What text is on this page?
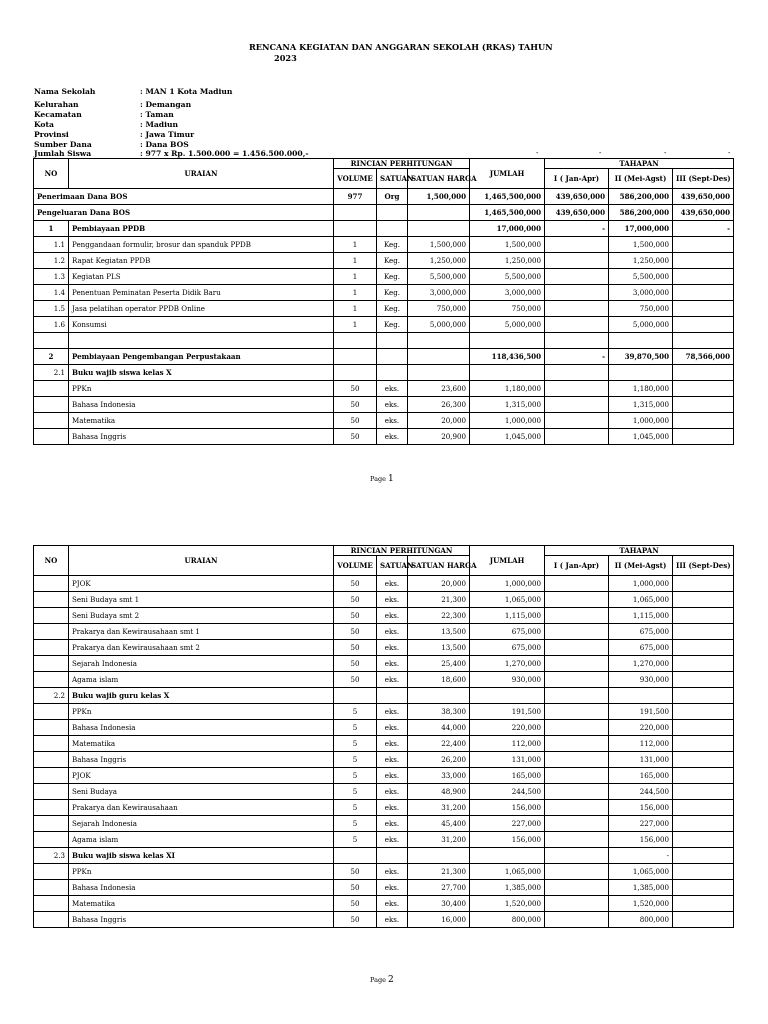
RENCANA KEGIATAN DAN ANGGARAN SEKOLAH (RKAS) TAHUN
2023
Nama Sekolah	: MAN 1 Kota Madiun
Kelurahan	: Demangan
Kecamatan	: Taman
Kota	: Madiun
Provinsi	: Jawa Timur
Sumber Dana	: Dana BOS
Jumlah Siswa	: 977 x Rp. 1.500.000 = 1.456.500.000,-	-	-	-	-
NO	URAIAN	RINCIAN PERHITUNGAN			JUMLAH	TAHAPAN		
		VOLUME	SATUAN	SATUAN HARGA		I ( Jan-Apr)	II (Mei-Agst)	III (Sept-Des)
Penerimaan Dana BOS		977	Org	1,500,000	1,465,500,000	439,650,000	586,200,000	439,650,000
Pengeluaran Dana BOS					1,465,500,000	439,650,000	586,200,000	439,650,000
1	Pembiayaan PPDB				17,000,000	-	17,000,000	-
1.1	Penggandaan formulir, brosur dan spanduk PPDB	1	Keg.	1,500,000	1,500,000		1,500,000	
1.2	Rapat Kegiatan PPDB	1	Keg.	1,250,000	1,250,000		1,250,000	
1.3	Kegiatan PLS	1	Keg.	5,500,000	5,500,000		5,500,000	
1.4	Penentuan Peminatan Peserta Didik Baru	1	Keg.	3,000,000	3,000,000		3,000,000	
1.5	Jasa pelatihan operator PPDB Online	1	Keg.	750,000	750,000		750,000	
1.6	Konsumsi	1	Keg.	5,000,000	5,000,000		5,000,000	

2	Pembiayaan Pengembangan Perpustakaan				118,436,500	-	39,870,500	78,566,000
2.1	Buku wajib siswa kelas X							
	PPKn	50	eks.	23,600	1,180,000		1,180,000	
	Bahasa Indonesia	50	eks.	26,300	1,315,000		1,315,000	
	Matematika	50	eks.	20,000	1,000,000		1,000,000	
	Bahasa Inggris	50	eks.	20,900	1,045,000		1,045,000	
Page 1
NO	URAIAN	RINCIAN PERHITUNGAN			JUMLAH	TAHAPAN		
		VOLUME	SATUAN	SATUAN HARGA		I ( Jan-Apr)	II (Mei-Agst)	III (Sept-Des)
	PJOK	50	eks.	20,000	1,000,000		1,000,000	
	Seni Budaya smt 1	50	eks.	21,300	1,065,000		1,065,000	
	Seni Budaya smt 2	50	eks.	22,300	1,115,000		1,115,000	
	Prakarya dan Kewirausahaan smt 1	50	eks.	13,500	675,000		675,000	
	Prakarya dan Kewirausahaan smt 2	50	eks.	13,500	675,000		675,000	
	Sejarah Indonesia	50	eks.	25,400	1,270,000		1,270,000	
	Agama islam	50	eks.	18,600	930,000		930,000	
2.2	Buku wajib guru kelas X							
	PPKn	5	eks.	38,300	191,500		191,500	
	Bahasa Indonesia	5	eks.	44,000	220,000		220,000	
	Matematika	5	eks.	22,400	112,000		112,000	
	Bahasa Inggris	5	eks.	26,200	131,000		131,000	
	PJOK	5	eks.	33,000	165,000		165,000	
	Seni Budaya	5	eks.	48,900	244,500		244,500	
	Prakarya dan Kewirausahaan	5	eks.	31,200	156,000		156,000	
	Sejarah Indonesia	5	eks.	45,400	227,000		227,000	
	Agama islam	5	eks.	31,200	156,000		156,000	
2.3	Buku wajib siswa kelas XI						-	
	PPKn	50	eks.	21,300	1,065,000		1,065,000	
	Bahasa Indonesia	50	eks.	27,700	1,385,000		1,385,000	
	Matematika	50	eks.	30,400	1,520,000		1,520,000	
	Bahasa Inggris	50	eks.	16,000	800,000		800,000	
Page 2
